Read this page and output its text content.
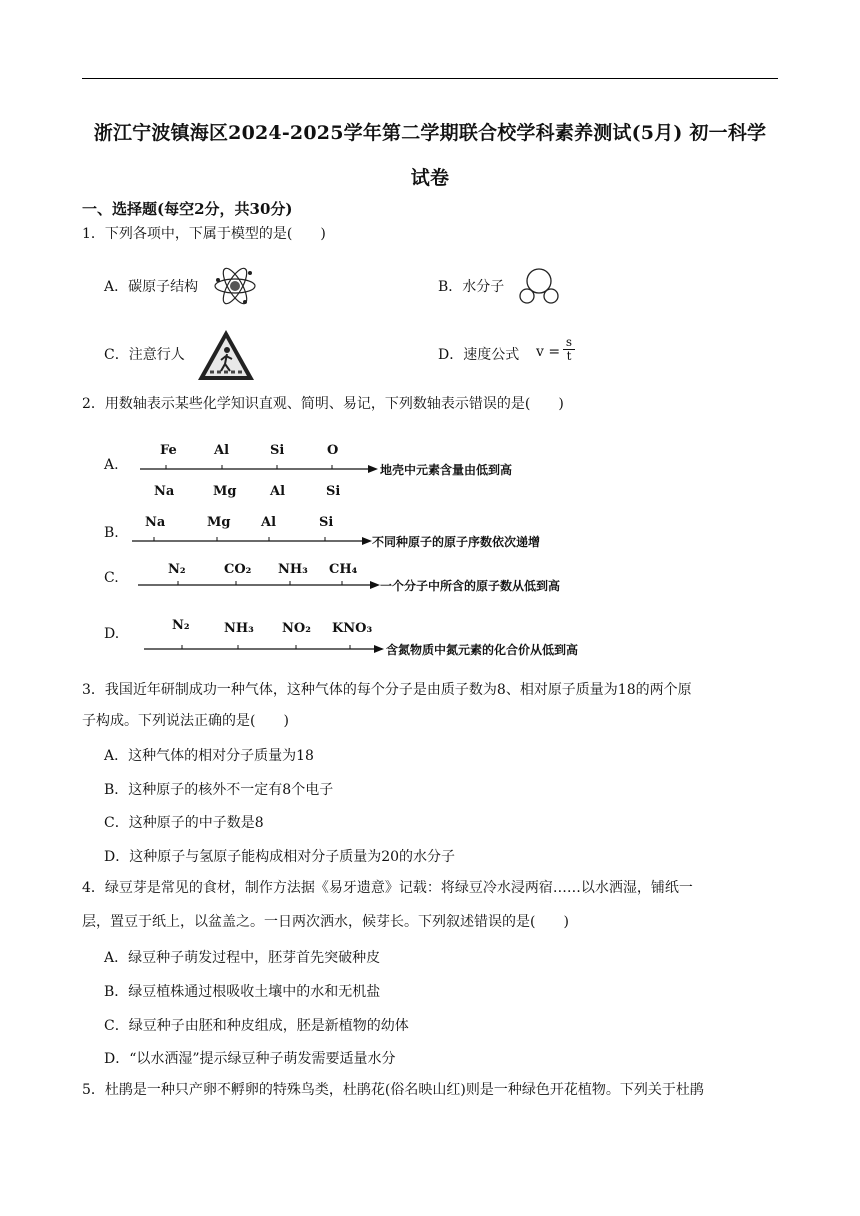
浙江宁波镇海区2024-2025学年第二学期联合校学科素养测试(5月) 初一科学
试卷
一、选择题(每空2分，共30分)
1．下列各项中，下属于模型的是(　　)
A．碳原子结构	B．水分子
C．注意行人	D．速度公式 $v = \frac{s}{t}$
2．用数轴表示某些化学知识直观、简明、易记，下列数轴表示错误的是(　　)
A.
Fe	Al	Si	O
Na	Mg	Al	Si
地壳中元素含量由低到高
B.
Na	Mg Al	Si
不同种原子的原子序数依次递增
C.
N₂	CO₂ NH₃ CH₄
一个分子中所含的原子数从低到高
D.
N₂	NH₃ NO₂ KNO₃
含氮物质中氮元素的化合价从低到高
3．我国近年研制成功一种气体，这种气体的每个分子是由质子数为8、相对原子质量为18的两个原
子构成。下列说法正确的是(　　)
A．这种气体的相对分子质量为18
B．这种原子的核外不一定有8个电子
C．这种原子的中子数是8
D．这种原子与氢原子能构成相对分子质量为20的水分子
4．绿豆芽是常见的食材，制作方法据《易牙遗意》记载：将绿豆冷水浸两宿……以水洒湿，铺纸一
层，置豆于纸上，以盆盖之。一日两次洒水，候芽长。下列叙述错误的是(　　)
A．绿豆种子萌发过程中，胚芽首先突破种皮
B．绿豆植株通过根吸收土壤中的水和无机盐
C．绿豆种子由胚和种皮组成，胚是新植物的幼体
D．“以水洒湿”提示绿豆种子萌发需要适量水分
5．杜鹃是一种只产卵不孵卵的特殊鸟类，杜鹃花(俗名映山红)则是一种绿色开花植物。下列关于杜鹃
